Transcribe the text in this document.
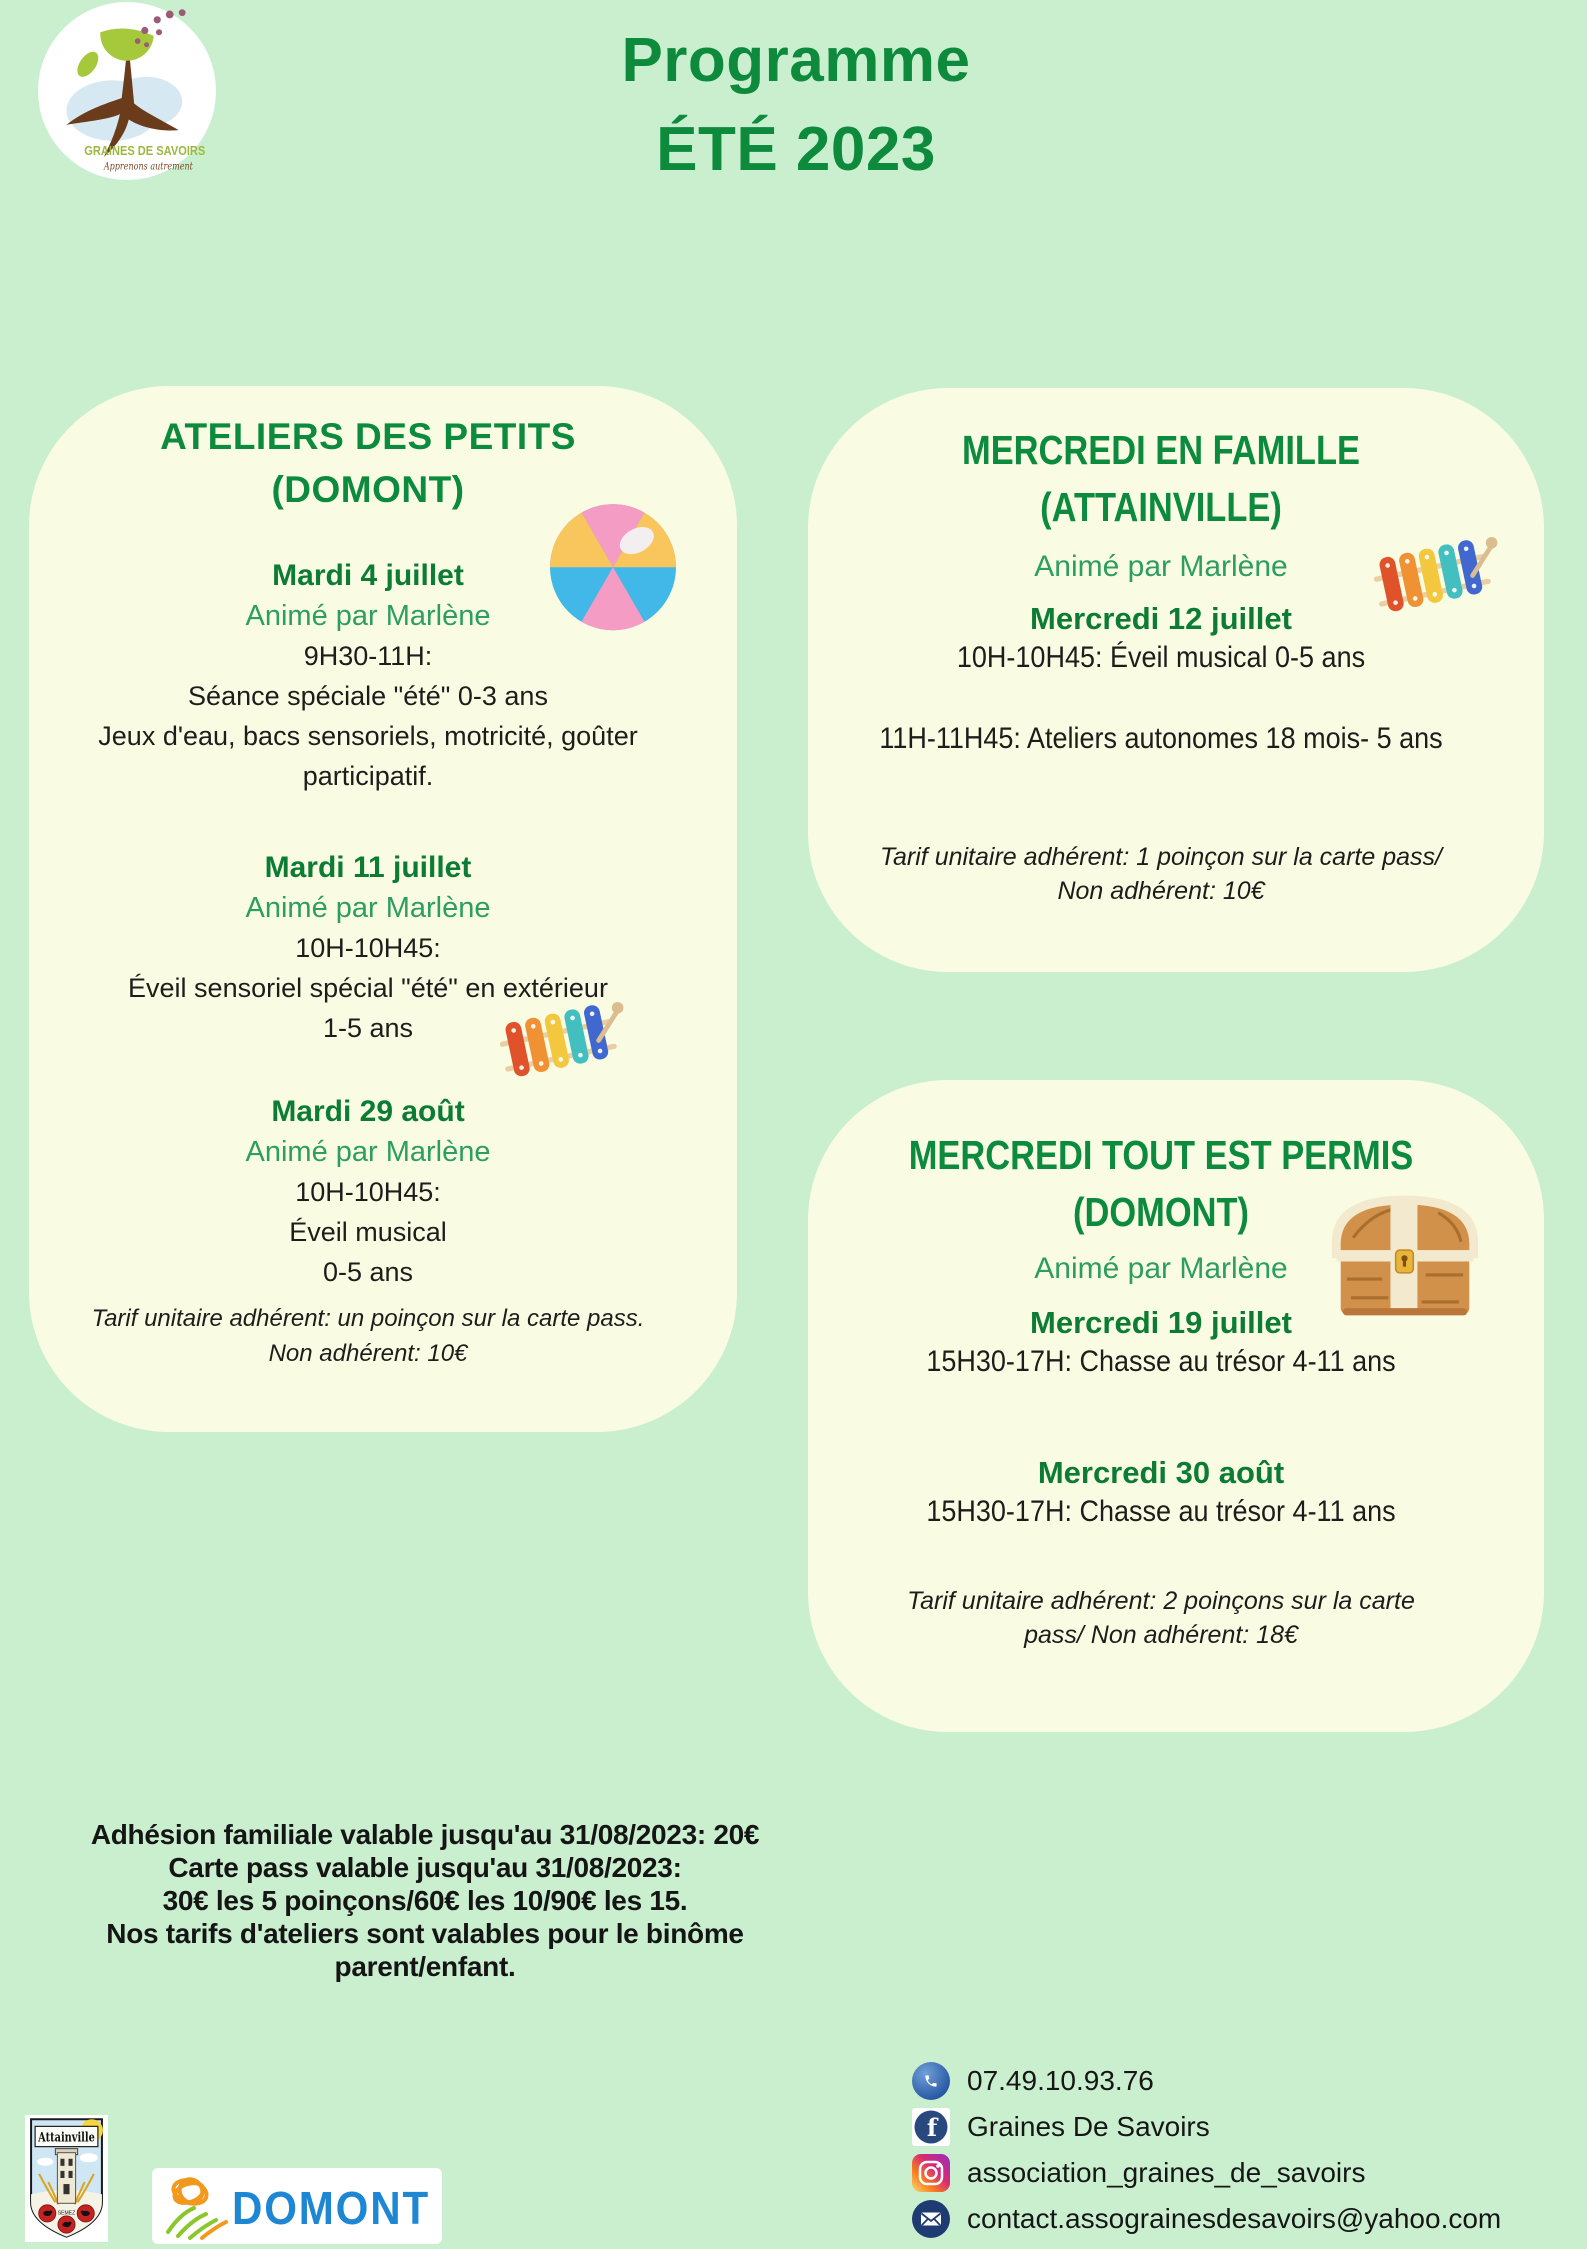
GRAINES DE SAVOIRS
Apprenons autrement
Programme
ÉTÉ 2023
ATELIERS DES PETITS
(DOMONT)
Mardi 4 juillet
Animé par Marlène
9H30-11H:
Séance spéciale "été" 0-3 ans
Jeux d'eau, bacs sensoriels, motricité, goûter
participatif.
Mardi 11 juillet
Animé par Marlène
10H-10H45:
Éveil sensoriel spécial "été" en extérieur
1-5 ans
Mardi 29 août
Animé par Marlène
10H-10H45:
Éveil musical
0-5 ans
Tarif unitaire adhérent: un poinçon sur la carte pass.
Non adhérent: 10€
MERCREDI EN FAMILLE
(ATTAINVILLE)
Animé par Marlène
Mercredi 12 juillet
10H-10H45: Éveil musical 0-5 ans
11H-11H45: Ateliers autonomes 18 mois- 5 ans
Tarif unitaire adhérent: 1 poinçon sur la carte pass/ Non adhérent: 10€
MERCREDI TOUT EST PERMIS
(DOMONT)
Animé par Marlène
Mercredi 19 juillet
15H30-17H: Chasse au trésor 4-11 ans
Mercredi 30 août
15H30-17H: Chasse au trésor 4-11 ans
Tarif unitaire adhérent: 2 poinçons sur la carte pass/ Non adhérent: 18€
Adhésion familiale valable jusqu'au 31/08/2023: 20€
Carte pass valable jusqu'au 31/08/2023:
30€ les 5 poinçons/60€ les 10/90€ les 15.
Nos tarifs d'ateliers sont valables pour le binôme
parent/enfant.
07.49.10.93.76
f Graines De Savoirs
association_graines_de_savoirs
contact.assograinesdesavoirs@yahoo.com
Attainville
SEMEZ	DOMONT
